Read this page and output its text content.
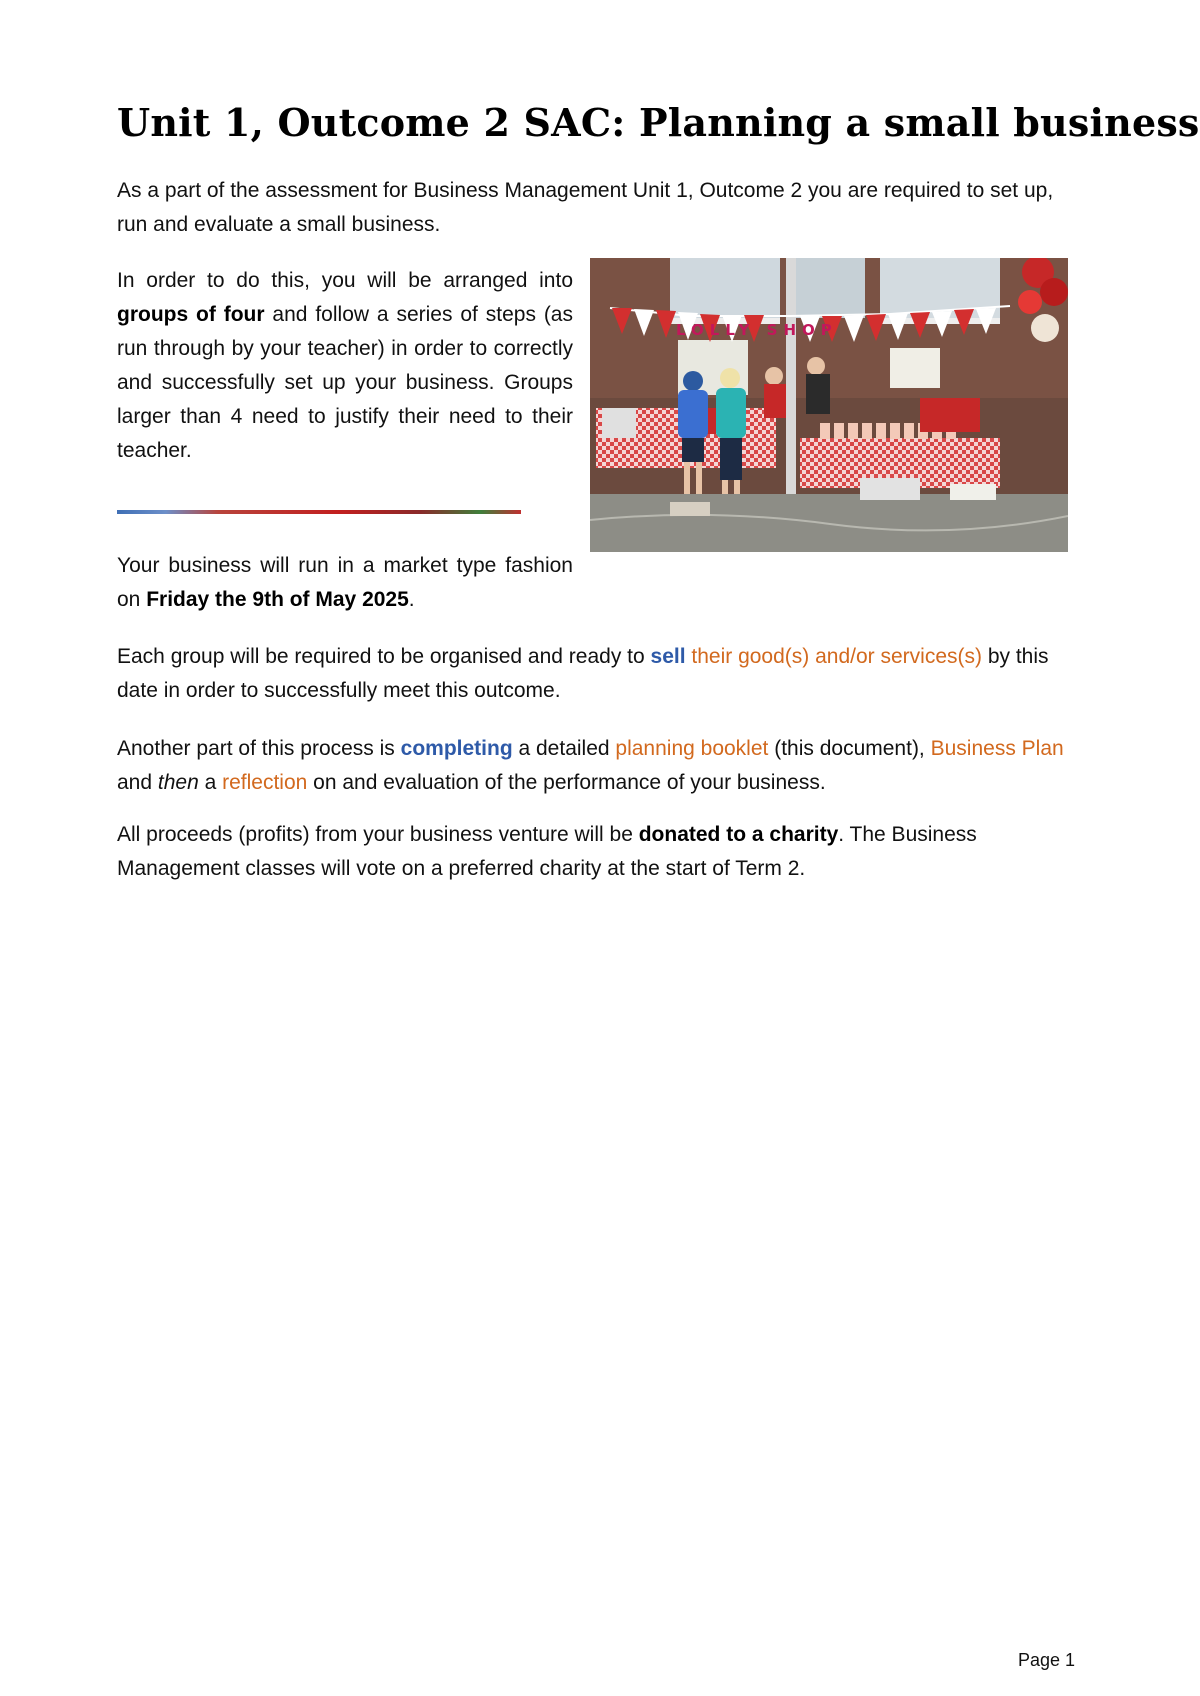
Unit 1, Outcome 2 SAC: Planning a small business

As a part of the assessment for Business Management Unit 1, Outcome 2 you are required to set up, run and evaluate a small business.

In order to do this, you will be arranged into groups of four and follow a series of steps (as run through by your teacher) in order to correctly and successfully set up your business. Groups larger than 4 need to justify their need to their teacher.

Your business will run in a market type fashion on Friday the 9th of May 2025.

Each group will be required to be organised and ready to sell their good(s) and/or services(s) by this date in order to successfully meet this outcome.

Another part of this process is completing a detailed planning booklet (this document), Business Plan and then a reflection on and evaluation of the performance of your business.

All proceeds (profits) from your business venture will be donated to a charity. The Business Management classes will vote on a preferred charity at the start of Term 2.

LOLLY SHOP
Page 1
